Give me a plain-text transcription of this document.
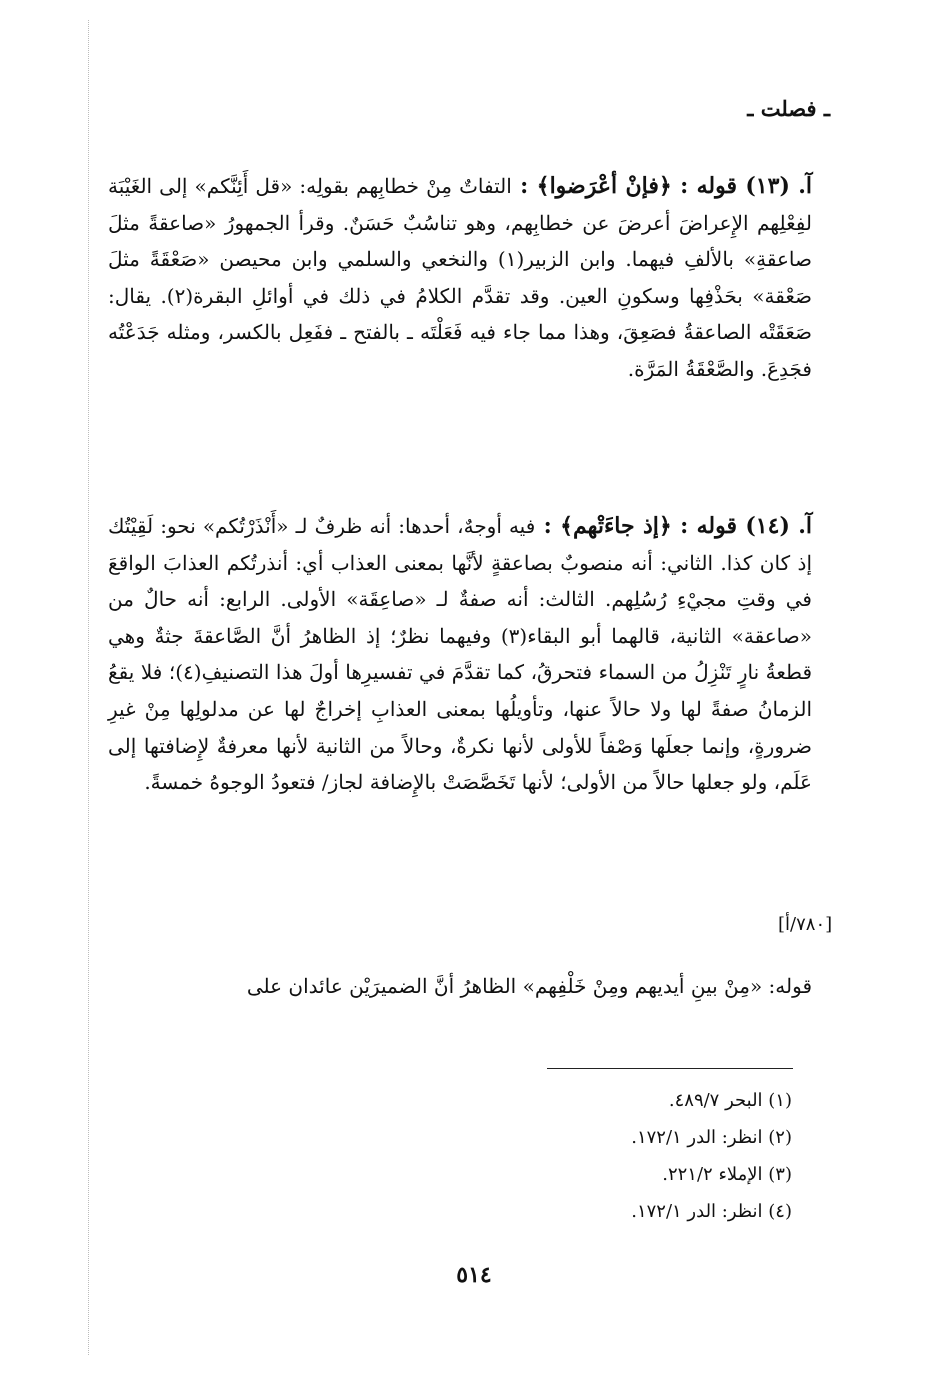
ـ فصلت ـ

آ. (١٣) قوله : ﴿فإنْ أعْرَضوا﴾ : التفاتٌ مِنْ خطابِهم بقولِه: «قل أَئِنَّكم» إلى الغَيْبَة لفِعْلِهم الإِعراضَ أعرضَ عن خطابِهم، وهو تناسُبٌ حَسَنٌ. وقرأ الجمهورُ «صاعقةً مثلَ صاعقةِ» بالألفِ فيهما. وابن الزبير(١) والنخعي والسلمي وابن محيصن «صَعْقَةً مثلَ صَعْقة» بحَذْفِها وسكونِ العين. وقد تقدَّم الكلامُ في ذلك في أوائلِ البقرة(٢). يقال: صَعَقَتْه الصاعقةُ فصَعِقَ، وهذا مما جاء فيه فَعَلْتَه ـ بالفتح ـ ففَعِل بالكسر، ومثله جَدَعْتُه فجَدِعَ. والصَّعْقَةُ المَرَّة.

آ. (١٤) قوله : ﴿إذ جاءَتْهم﴾ : فيه أوجهٌ، أحدها: أنه ظرفٌ لـ «أَنْذَرْتُكم» نحو: لَقِيْتُك إذ كان كذا. الثاني: أنه منصوبٌ بصاعقةٍ لأنَّها بمعنى العذاب أي: أنذرتُكم العذابَ الواقعَ في وقتِ مجيْءِ رُسُلِهم. الثالث: أنه صفةٌ لـ «صاعِقَة» الأولى. الرابع: أنه حالٌ من «صاعقة» الثانية، قالهما أبو البقاء(٣) وفيهما نظرٌ؛ إذ الظاهرُ أنَّ الصَّاعقةَ جثةٌ وهي قطعةُ نارٍ تَنْزِلُ من السماء فتحرقُ، كما تقدَّمَ في تفسيرِها أولَ هذا التصنيفِ(٤)؛ فلا يقعُ الزمانُ صفةً لها ولا حالاً عنها، وتأويلُها بمعنى العذابِ إخراجٌ لها عن مدلولِها مِنْ غيرِ ضرورةٍ، وإنما جعلَها وَصْفاً للأولى لأنها نكرةٌ، وحالاً من الثانية لأنها معرفةٌ لإِضافتها إلى عَلَم، ولو جعلها حالاً من الأولى؛ لأنها تَخَصَّصَتْ بالإِضافة لجاز/ فتعودُ الوجوهُ خمسةً.

[٧٨٠/أ]

قوله: «مِنْ بينِ أيديهم ومِنْ خَلْفِهم» الظاهرُ أنَّ الضميرَيْن عائدان على

(١) البحر ٤٨٩/٧.
(٢) انظر: الدر ١٧٢/١.
(٣) الإملاء ٢٢١/٢.
(٤) انظر: الدر ١٧٢/١.
٥١٤
